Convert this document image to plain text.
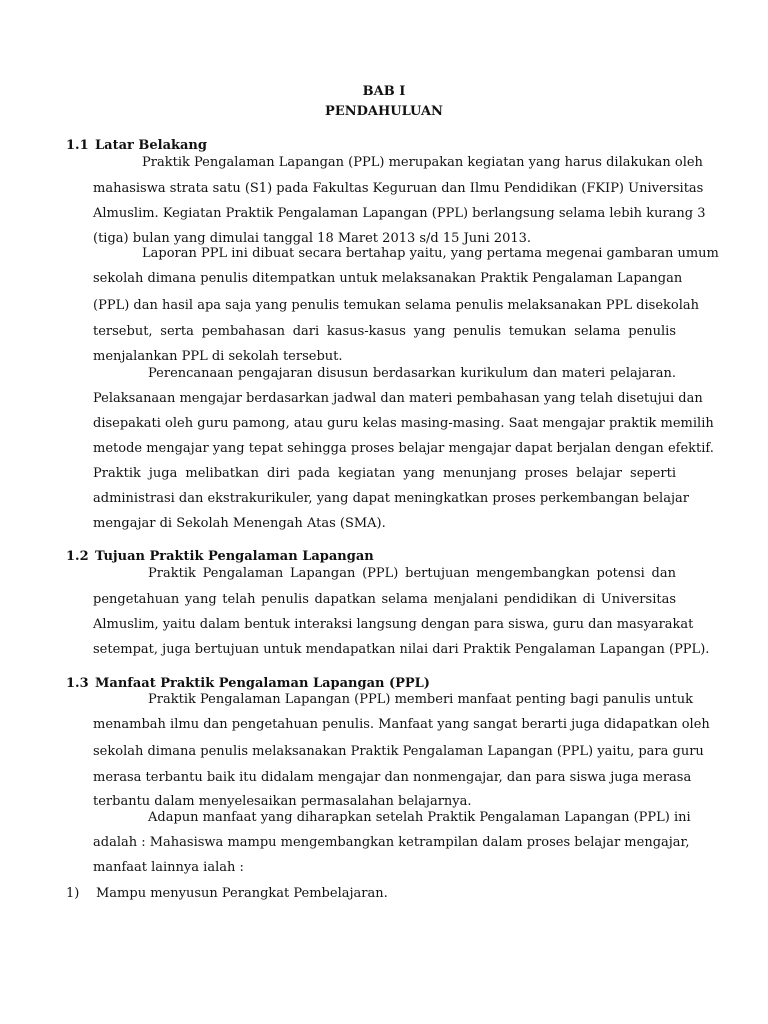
BAB I

PENDAHULUAN

1.1 Latar Belakang

Praktik Pengalaman Lapangan (PPL) merupakan kegiatan yang harus dilakukan oleh

mahasiswa strata satu (S1) pada Fakultas Keguruan dan Ilmu Pendidikan (FKIP) Universitas

Almuslim. Kegiatan Praktik Pengalaman Lapangan (PPL) berlangsung selama lebih kurang 3

(tiga) bulan yang dimulai tanggal 18 Maret 2013 s/d 15 Juni 2013.

Laporan PPL ini dibuat secara bertahap yaitu, yang pertama megenai gambaran umum

sekolah dimana penulis ditempatkan untuk melaksanakan Praktik Pengalaman Lapangan

(PPL) dan hasil apa saja yang penulis temukan selama penulis melaksanakan PPL disekolah

tersebut, serta pembahasan dari kasus-kasus yang penulis temukan selama penulis

menjalankan PPL di sekolah tersebut.

Perencanaan pengajaran disusun berdasarkan kurikulum dan materi pelajaran.

Pelaksanaan mengajar berdasarkan jadwal dan materi pembahasan yang telah disetujui dan

disepakati oleh guru pamong, atau guru kelas masing-masing. Saat mengajar praktik memilih

metode mengajar yang tepat sehingga proses belajar mengajar dapat berjalan dengan efektif.

Praktik juga melibatkan diri pada kegiatan yang menunjang proses belajar seperti

administrasi dan ekstrakurikuler, yang dapat meningkatkan proses perkembangan belajar

mengajar di Sekolah Menengah Atas (SMA).

1.2 Tujuan Praktik Pengalaman Lapangan

Praktik Pengalaman Lapangan (PPL) bertujuan mengembangkan potensi dan

pengetahuan yang telah penulis dapatkan selama menjalani pendidikan di Universitas

Almuslim, yaitu dalam bentuk interaksi langsung dengan para siswa, guru dan masyarakat

setempat, juga bertujuan untuk mendapatkan nilai dari Praktik Pengalaman Lapangan (PPL).

1.3 Manfaat Praktik Pengalaman Lapangan (PPL)

Praktik Pengalaman Lapangan (PPL) memberi manfaat penting bagi panulis untuk

menambah ilmu dan pengetahuan penulis. Manfaat yang sangat berarti juga didapatkan oleh

sekolah dimana penulis melaksanakan Praktik Pengalaman Lapangan (PPL) yaitu, para guru

merasa terbantu baik itu didalam mengajar dan nonmengajar, dan para siswa juga merasa

terbantu dalam menyelesaikan permasalahan belajarnya.

Adapun manfaat yang diharapkan setelah Praktik Pengalaman Lapangan (PPL) ini

adalah : Mahasiswa mampu mengembangkan ketrampilan dalam proses belajar mengajar,

manfaat lainnya ialah :

1) Mampu menyusun Perangkat Pembelajaran.
